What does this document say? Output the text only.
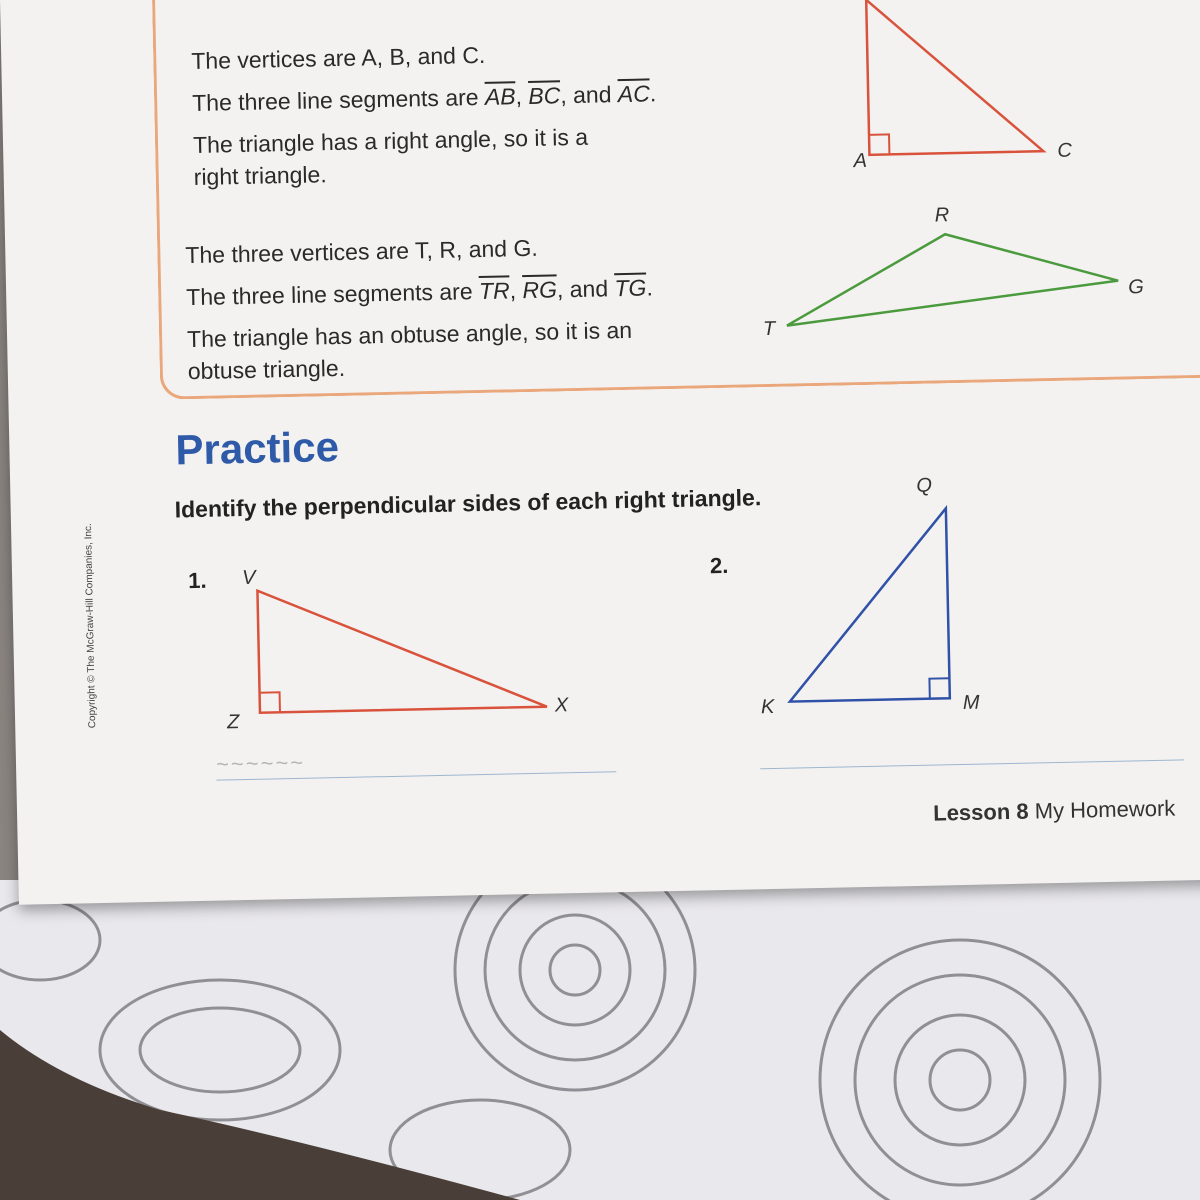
The vertices are A, B, and C.
The three line segments are $\overline{AB}$, $\overline{BC}$, and $\overline{AC}$.
The triangle has a right angle, so it is a
right triangle.
The three vertices are T, R, and G.
The three line segments are $\overline{TR}$, $\overline{RG}$, and $\overline{TG}$.
The triangle has an obtuse angle, so it is an
obtuse triangle.
A	C
R
T
G
Practice
Identify the perpendicular sides of each right triangle.
1. V
Z
X
2.
Q
K	M
~~~~~~
Copyright © The McGraw-Hill Companies, Inc.
Lesson 8 My Homework
